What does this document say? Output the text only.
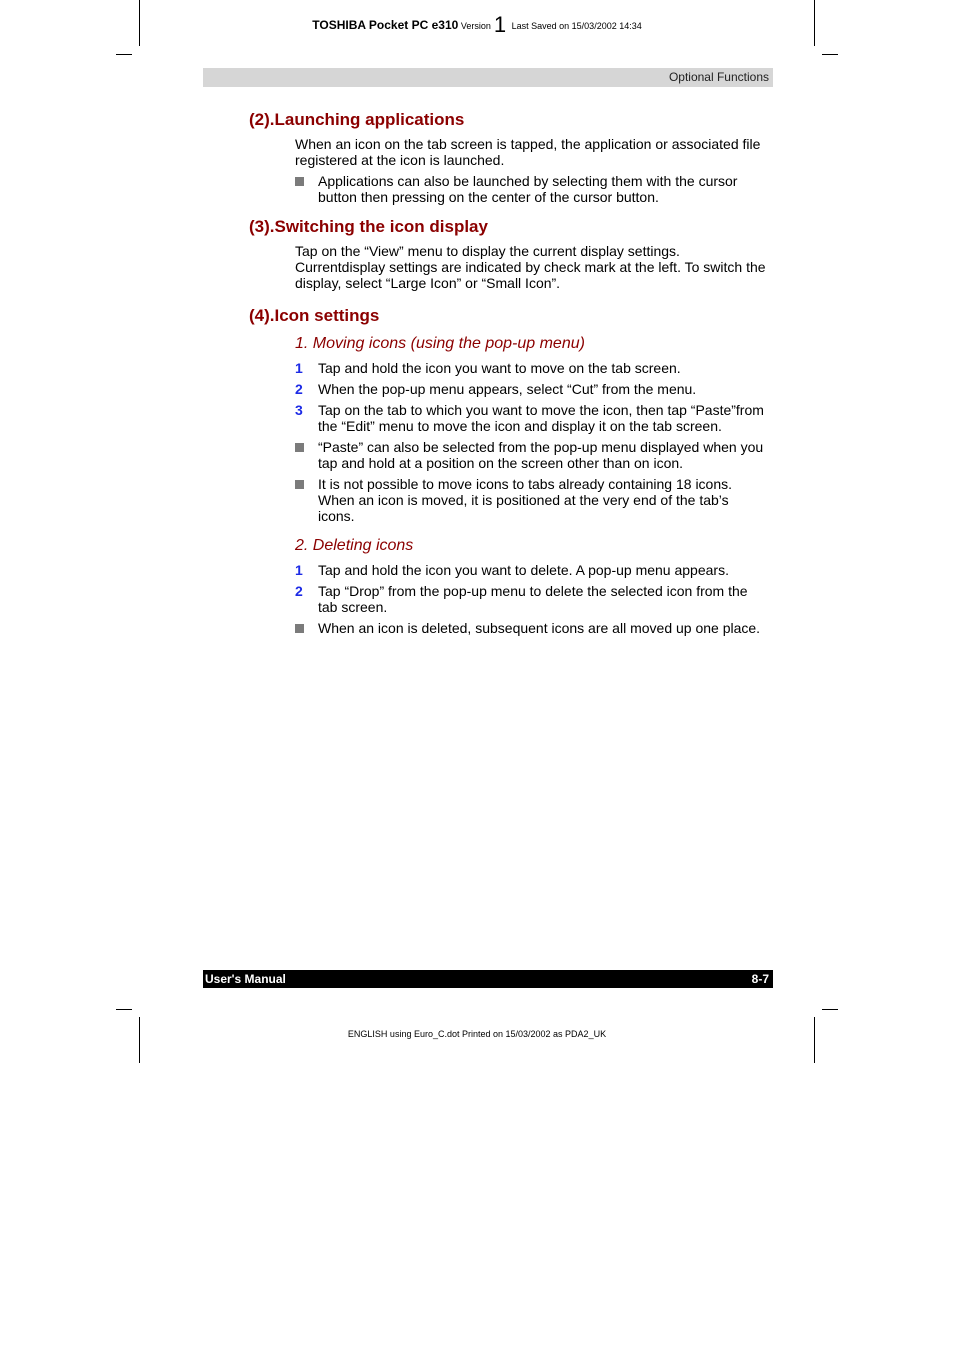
TOSHIBA Pocket PC e310 Version 1 Last Saved on 15/03/2002 14:34
Optional Functions
(2).Launching applications

When an icon on the tab screen is tapped, the application or associated file registered at the icon is launched.

Applications can also be launched by selecting them with the cursor button then pressing on the center of the cursor button.
(3).Switching the icon display

Tap on the “View” menu to display the current display settings. Currentdisplay settings are indicated by check mark at the left. To switch the display, select “Large Icon” or “Small Icon”.

(4).Icon settings
1. Moving icons (using the pop-up menu)
1	Tap and hold the icon you want to move on the tab screen.
2	When the pop-up menu appears, select “Cut” from the menu.
3	Tap on the tab to which you want to move the icon, then tap “Paste”from the “Edit” menu to move the icon and display it on the tab screen.
“Paste” can also be selected from the pop-up menu displayed when you tap and hold at a position on the screen other than on icon.
It is not possible to move icons to tabs already containing 18 icons. When an icon is moved, it is positioned at the very end of the tab’s icons.
2. Deleting icons
1	Tap and hold the icon you want to delete. A pop-up menu appears.
2	Tap “Drop” from the pop-up menu to delete the selected icon from the tab screen.
When an icon is deleted, subsequent icons are all moved up one place.
User's Manual	8-7
ENGLISH using Euro_C.dot Printed on 15/03/2002 as PDA2_UK
